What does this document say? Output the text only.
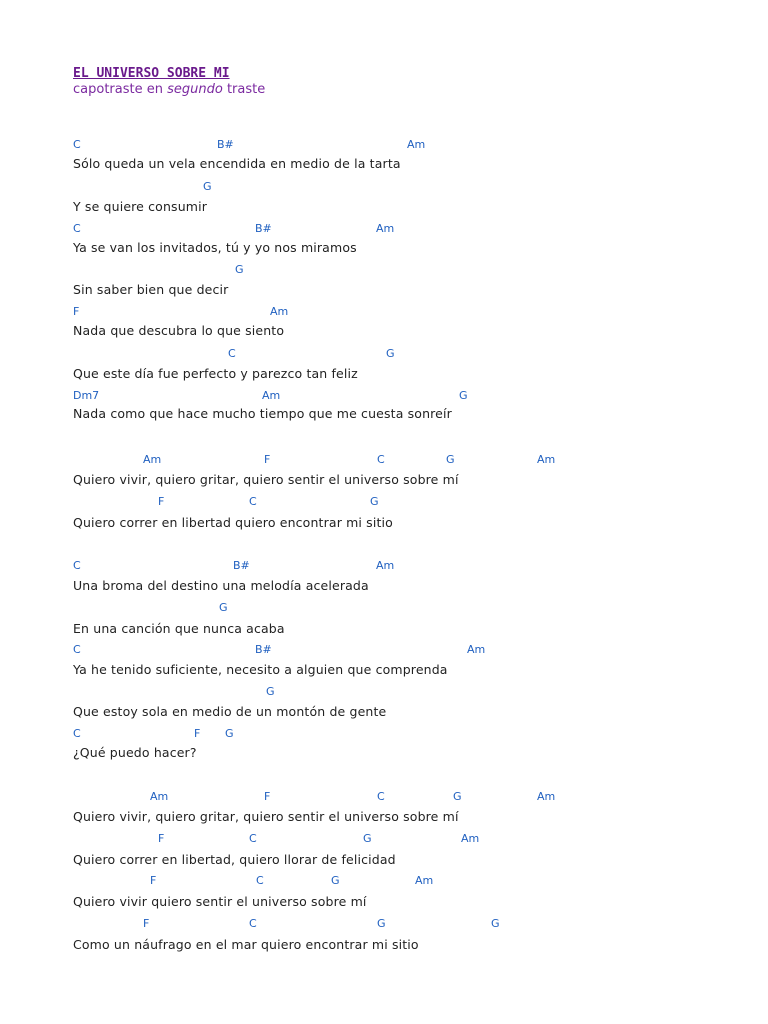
EL UNIVERSO SOBRE MI
capotraste en segundo traste
C	B#	Am
Sólo queda un vela encendida en medio de la tarta
G
Y se quiere consumir
C	B#	Am
Ya se van los invitados, tú y yo nos miramos
G
Sin saber bien que decir
F	Am
Nada que descubra lo que siento
C	G
Que este día fue perfecto y parezco tan feliz
Dm7	Am	G
Nada como que hace mucho tiempo que me cuesta sonreír
Am	F	C	G	Am
Quiero vivir, quiero gritar, quiero sentir el universo sobre mí
F	C	G
Quiero correr en libertad quiero encontrar mi sitio
C	B#	Am
Una broma del destino una melodía acelerada
G
En una canción que nunca acaba
C	B#	Am
Ya he tenido suficiente, necesito a alguien que comprenda
G
Que estoy sola en medio de un montón de gente
C	F G
¿Qué puedo hacer?
Am	F	C	G	Am
Quiero vivir, quiero gritar, quiero sentir el universo sobre mí
F	C	G	Am
Quiero correr en libertad, quiero llorar de felicidad
F	C	G	Am
Quiero vivir quiero sentir el universo sobre mí
F	C	G	G
Como un náufrago en el mar quiero encontrar mi sitio
